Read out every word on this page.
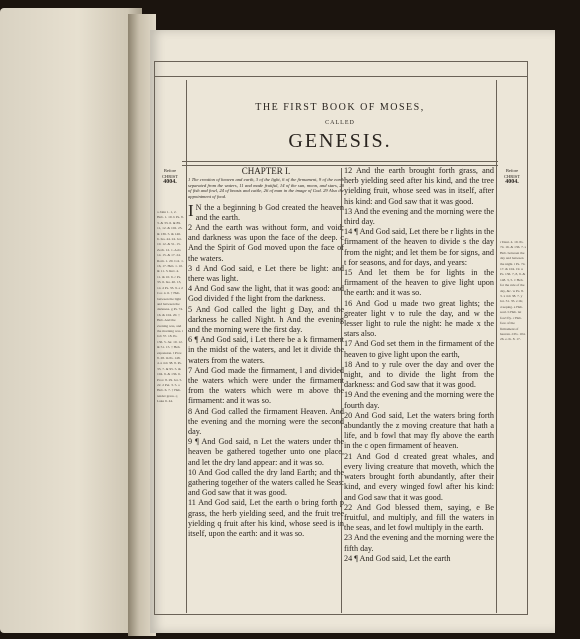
THE FIRST BOOK OF MOSES,
CALLED
GENESIS.
Before CHRIST
4004.
Before CHRIST
4004.
a John 1. 1, 2. Heb. 1. 10. b Ps. 8. 3. & 33. 6. & 89. 11, 12. & 102. 25. & 136. 5. & 146. 6. Isa. 44. 24. Jer. 10. 12. & 51. 15. Zech. 12. 1. Acts 14. 15. & 17. 24. Rom. 1. 20. Col. 1. 16, 17. Heb. 1. 10. & 11. 3. Rev. 4. 11. & 10. 6. c Ps. 33. 6. Isa. 40. 13, 14. d Ps. 33. 9. e 2 Cor. 4. 6. † Heb. between the light and between the darkness. g Ps. 74. 16. & 104. 20. † Heb. And the evening was, and the morning was. i Job 37. 18. Ps. 136. 5. Jer. 10. 12. & 51. 15. † Heb. expansion. l Prov. 8. 28. m Ps. 148. 4. n Job 38. 8. Ps. 33. 7. & 95. 5. & 104. 9. & 136. 6. Prov. 8. 29. Jer. 5. 22. 2 Pet. 3. 5. o Heb. 6. 7. † Heb. tender grass. q Luke 6. 44.
r Deut. 4. 19. Ps. 74. 16. & 136. 7. s Heb. between the day and between the night. t Ps. 74. 17. & 104. 19. u Ps. 136. 7, 8, 9. & 148. 3, 5. v Heb. for the rule of the day, &c. w Ps. 8. 3. x Job 38. 7. y Jer. 31. 35. z Or, creeping. a Heb. soul. b Heb. let fowl fly. c Heb. face of the firmament of heaven. d Ps. 104. 26. e ch. 8. 17.
CHAPTER I.
1 The creation of heaven and earth, 3 of the light, 6 of the firmament, 9 of the earth separated from the waters, 11 and made fruitful, 14 of the sun, moon, and stars, 20 of fish and fowl, 24 of beasts and cattle, 26 of man in the image of God. 29 Also the appointment of food.

I N the a beginning b God created the heaven and the earth.

2 And the earth was without form, and void; and darkness was upon the face of the deep. c And the Spirit of God moved upon the face of the waters.

3 d And God said, e Let there be light: and there was light.

4 And God saw the light, that it was good: and God divided f the light from the darkness.

5 And God called the light g Day, and the darkness he called Night. h And the evening and the morning were the first day.

6 ¶ And God said, i Let there be a k firmament in the midst of the waters, and let it divide the waters from the waters.

7 And God made the firmament, l and divided the waters which were under the firmament from the waters which were m above the firmament: and it was so.

8 And God called the firmament Heaven. And the evening and the morning were the second day.

9 ¶ And God said, n Let the waters under the heaven be gathered together unto one place, and let the dry land appear: and it was so.

10 And God called the dry land Earth; and the gathering together of the waters called he Seas: and God saw that it was good.

11 And God said, Let the earth o bring forth p grass, the herb yielding seed, and the fruit tree yielding q fruit after his kind, whose seed is in itself, upon the earth: and it was so.

12 And the earth brought forth grass, and herb yielding seed after his kind, and the tree yielding fruit, whose seed was in itself, after his kind: and God saw that it was good.

13 And the evening and the morning were the third day.

14 ¶ And God said, Let there be r lights in the firmament of the heaven to divide s the day from the night; and let them be for signs, and t for seasons, and for days, and years:

15 And let them be for lights in the firmament of the heaven to give light upon the earth: and it was so.

16 And God u made two great lights; the greater light v to rule the day, and w the lesser light to rule the night: he made x the stars also.

17 And God set them in the firmament of the heaven to give light upon the earth,

18 And to y rule over the day and over the night, and to divide the light from the darkness: and God saw that it was good.

19 And the evening and the morning were the fourth day.

20 And God said, Let the waters bring forth abundantly the z moving creature that hath a life, and b fowl that may fly above the earth in the c open firmament of heaven.

21 And God d created great whales, and every living creature that moveth, which the waters brought forth abundantly, after their kind, and every winged fowl after his kind: and God saw that it was good.

22 And God blessed them, saying, e Be fruitful, and multiply, and fill the waters in the seas, and let fowl multiply in the earth.

23 And the evening and the morning were the fifth day.

24 ¶ And God said, Let the earth
